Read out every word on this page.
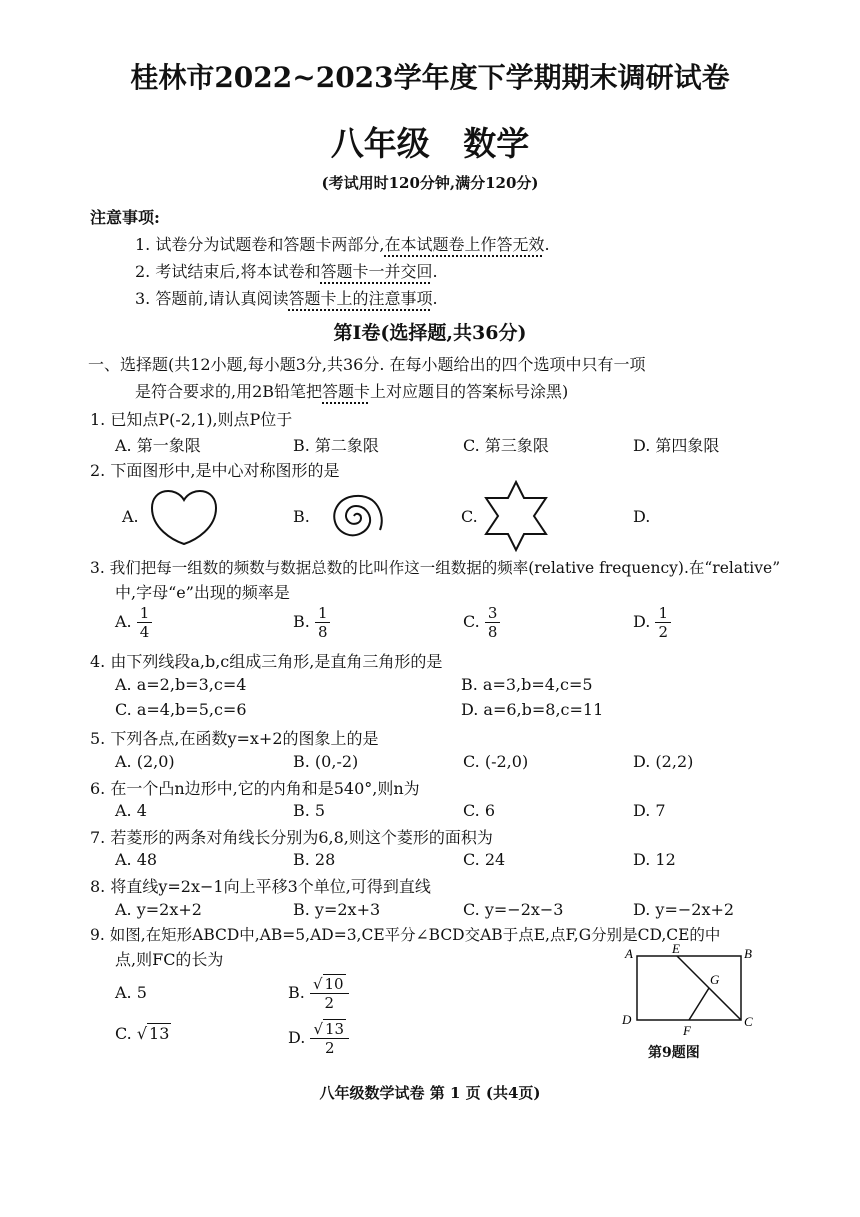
桂林市2022~2023学年度下学期期末调研试卷
八年级 数学
(考试用时120分钟,满分120分)
注意事项:
1. 试卷分为试题卷和答题卡两部分,在本试题卷上作答无效.
2. 考试结束后,将本试卷和答题卡一并交回.
3. 答题前,请认真阅读答题卡上的注意事项.
第Ⅰ卷(选择题,共36分)
一、选择题(共12小题,每小题3分,共36分. 在每小题给出的四个选项中只有一项
是符合要求的,用2B铅笔把答题卡上对应题目的答案标号涂黑)
1. 已知点P(-2,1),则点P位于
A. 第一象限	B. 第二象限	C. 第三象限	D. 第四象限
2. 下面图形中,是中心对称图形的是
A.	B.	C.	D.
3. 我们把每一组数的频数与数据总数的比叫作这一组数据的频率(relative frequency).在“relative”
中,字母“e”出现的频率是
A. $\frac{1}{4}$	B. $\frac{1}{8}$	C. $\frac{3}{8}$	D. $\frac{1}{2}$
4. 由下列线段a,b,c组成三角形,是直角三角形的是
A. a=2,b=3,c=4	B. a=3,b=4,c=5
C. a=4,b=5,c=6	D. a=6,b=8,c=11
5. 下列各点,在函数y=x+2的图象上的是
A. (2,0)	B. (0,-2)	C. (-2,0)	D. (2,2)
6. 在一个凸n边形中,它的内角和是540°,则n为
A. 4	B. 5	C. 6	D. 7
7. 若菱形的两条对角线长分别为6,8,则这个菱形的面积为
A. 48	B. 28	C. 24	D. 12
8. 将直线y=2x−1向上平移3个单位,可得到直线
A. y=2x+2	B. y=2x+3	C. y=−2x−3	D. y=−2x+2
9. 如图,在矩形ABCD中,AB=5,AD=3,CE平分∠BCD交AB于点E,点F,G分别是CD,CE的中
点,则FC的长为
A. 5	B. $\frac{√ 10}{2}$
C. √ 13	D. $\frac{√ 13}{2}$
A	B
C
D
E
F
G
第9题图
八年级数学试卷 第 1 页 (共4页)
